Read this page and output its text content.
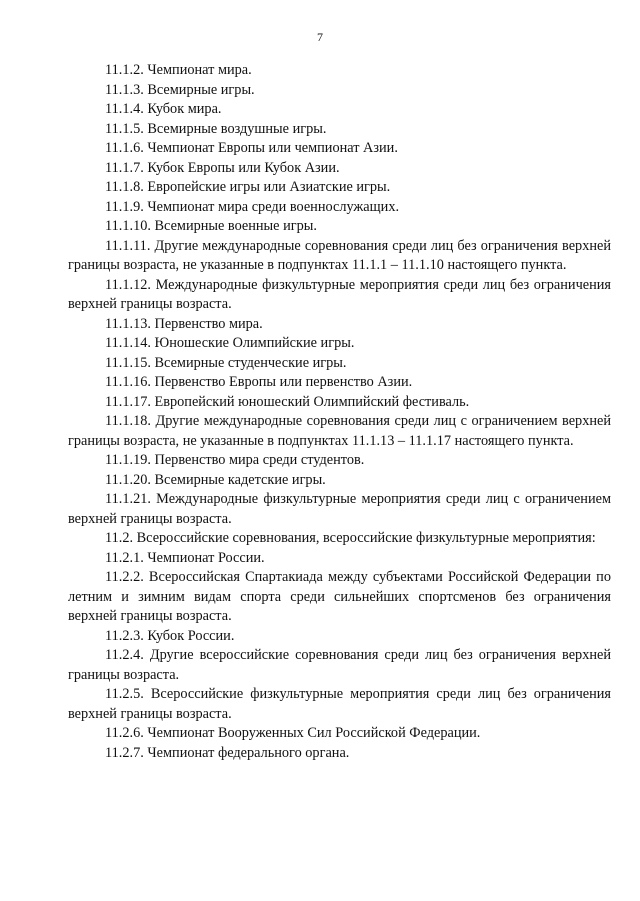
7

11.1.2. Чемпионат мира.

11.1.3. Всемирные игры.

11.1.4. Кубок мира.

11.1.5. Всемирные воздушные игры.

11.1.6. Чемпионат Европы или чемпионат Азии.

11.1.7. Кубок Европы или Кубок Азии.

11.1.8. Европейские игры или Азиатские игры.

11.1.9. Чемпионат мира среди военнослужащих.

11.1.10. Всемирные военные игры.

11.1.11. Другие международные соревнования среди лиц без ограничения верхней границы возраста, не указанные в подпунктах 11.1.1 – 11.1.10 настоящего пункта.

11.1.12. Международные физкультурные мероприятия среди лиц без ограничения верхней границы возраста.

11.1.13. Первенство мира.

11.1.14. Юношеские Олимпийские игры.

11.1.15. Всемирные студенческие игры.

11.1.16. Первенство Европы или первенство Азии.

11.1.17. Европейский юношеский Олимпийский фестиваль.

11.1.18. Другие международные соревнования среди лиц с ограничением верхней границы возраста, не указанные в подпунктах 11.1.13 – 11.1.17 настоящего пункта.

11.1.19. Первенство мира среди студентов.

11.1.20. Всемирные кадетские игры.

11.1.21. Международные физкультурные мероприятия среди лиц с ограничением верхней границы возраста.

11.2. Всероссийские соревнования, всероссийские физкультурные мероприятия:

11.2.1. Чемпионат России.

11.2.2. Всероссийская Спартакиада между субъектами Российской Федерации по летним и зимним видам спорта среди сильнейших спортсменов без ограничения верхней границы возраста.

11.2.3. Кубок России.

11.2.4. Другие всероссийские соревнования среди лиц без ограничения верхней границы возраста.

11.2.5. Всероссийские физкультурные мероприятия среди лиц без ограничения верхней границы возраста.

11.2.6. Чемпионат Вооруженных Сил Российской Федерации.

11.2.7. Чемпионат федерального органа.
